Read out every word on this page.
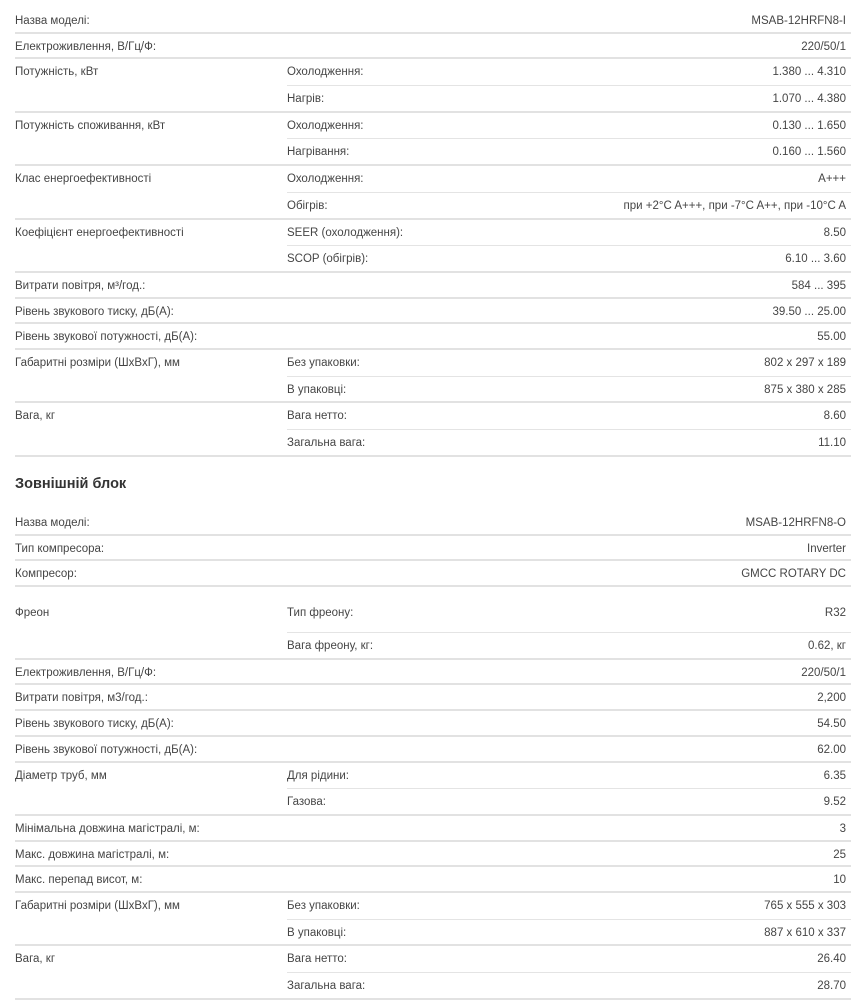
Назва моделі:	MSAB-12HRFN8-I
Електроживлення, В/Гц/Ф:	220/50/1
Потужність, кВт	Охолодження:	1.380 ... 4.310
Нагрів:	1.070 ... 4.380
Потужність споживання, кВт	Охолодження:	0.130 ... 1.650
Нагрівання:	0.160 ... 1.560
Клас енергоефективності	Охолодження:	A+++
Обігрів:	при +2°C A+++, при -7°C A++, при -10°C A
Коефіцієнт енергоефективності	SEER (охолодження):	8.50
SCOP (обігрів):	6.10 ... 3.60
Витрати повітря, м³/год.:	584 ... 395
Рівень звукового тиску, дБ(А):	39.50 ... 25.00
Рівень звукової потужності, дБ(А):	55.00
Габаритні розміри (ШхВхГ), мм	Без упаковки:	802 x 297 x 189
В упаковці:	875 x 380 x 285
Вага, кг	Вага нетто:	8.60
Загальна вага:	11.10
Зовнішній блок
Назва моделі:	MSAB-12HRFN8-O
Тип компресора:	Inverter
Компресор:	GMCC ROTARY DC
Фреон	Тип фреону:	R32
Вага фреону, кг:	0.62, кг
Електроживлення, В/Гц/Ф:	220/50/1
Витрати повітря, м3/год.:	2,200
Рівень звукового тиску, дБ(А):	54.50
Рівень звукової потужності, дБ(А):	62.00
Діаметр труб, мм	Для рідини:	6.35
Газова:	9.52
Мінімальна довжина магістралі, м:	3
Макс. довжина магістралі, м:	25
Макс. перепад висот, м:	10
Габаритні розміри (ШхВхГ), мм	Без упаковки:	765 x 555 x 303
В упаковці:	887 x 610 x 337
Вага, кг	Вага нетто:	26.40
Загальна вага:	28.70
